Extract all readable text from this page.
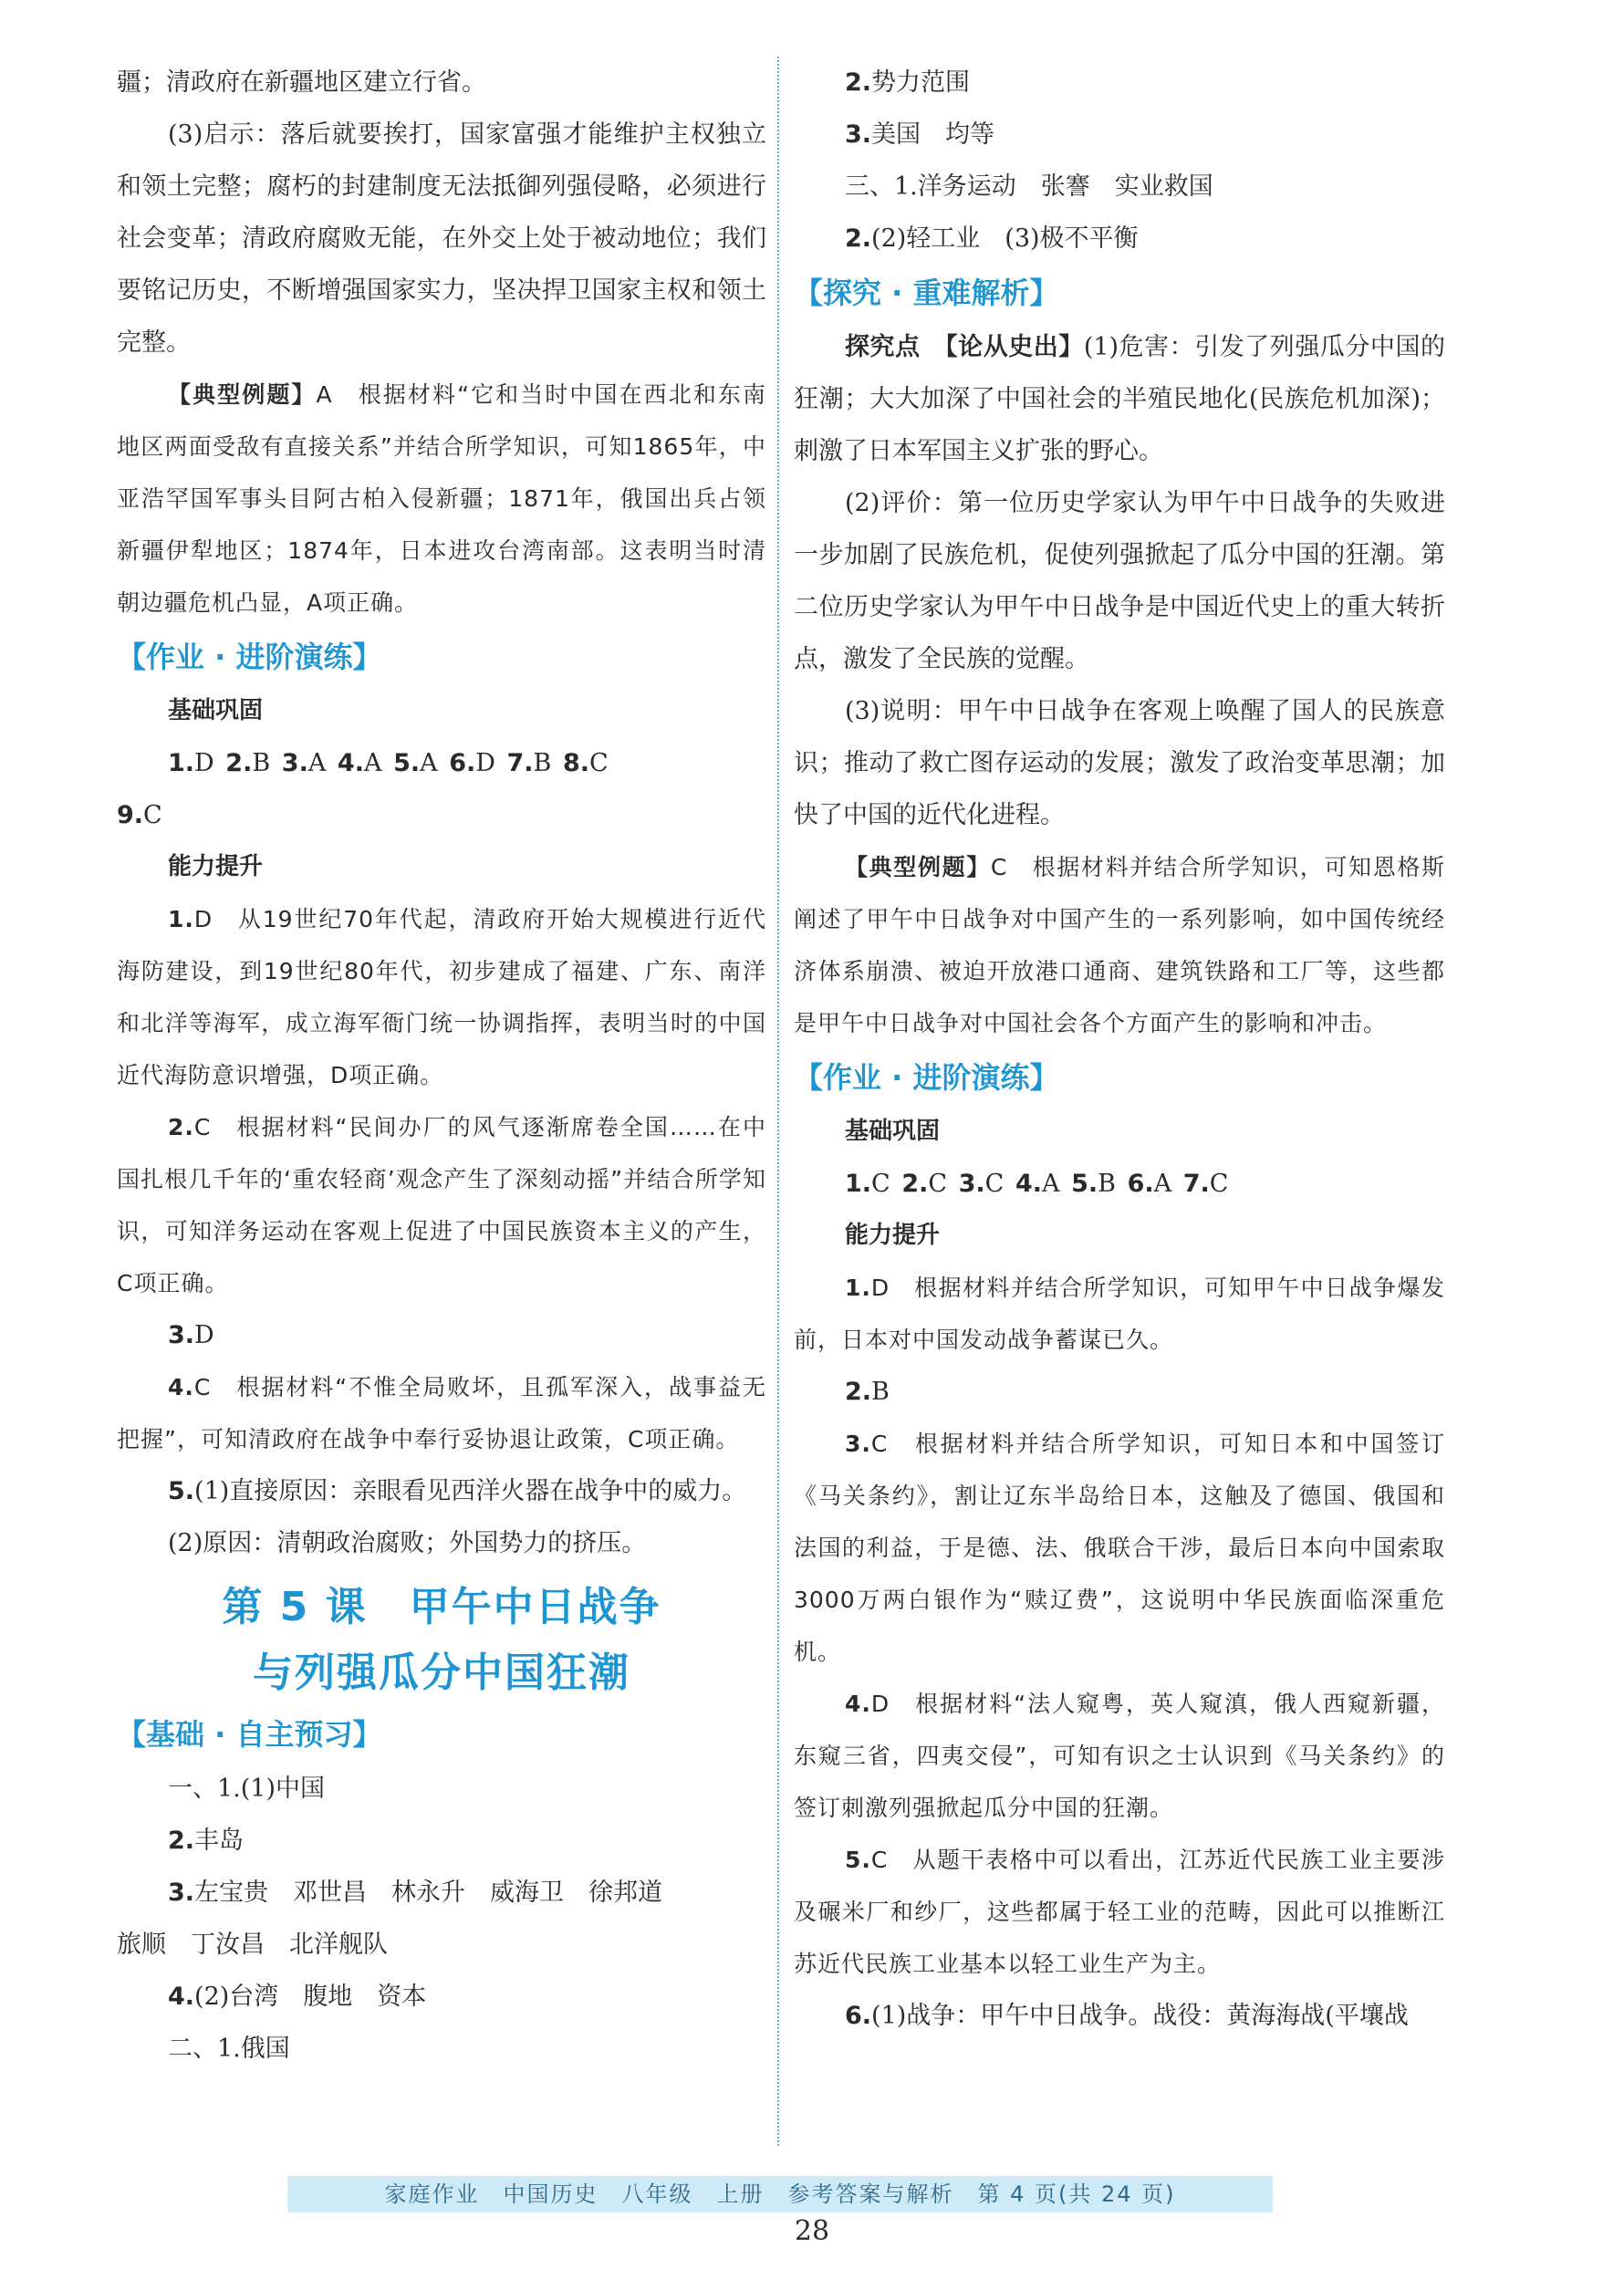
疆；清政府在新疆地区建立行省。

(3)启示：落后就要挨打，国家富强才能维护主权独立和领土完整；腐朽的封建制度无法抵御列强侵略，必须进行社会变革；清政府腐败无能，在外交上处于被动地位；我们要铭记历史，不断增强国家实力，坚决捍卫国家主权和领土完整。

【典型例题】A　根据材料“它和当时中国在西北和东南地区两面受敌有直接关系”并结合所学知识，可知1865年，中亚浩罕国军事头目阿古柏入侵新疆；1871年，俄国出兵占领新疆伊犁地区；1874年，日本进攻台湾南部。这表明当时清朝边疆危机凸显，A项正确。

【作业 · 进阶演练】
基础巩固
1.D 2.B 3.A 4.A 5.A 6.D 7.B 8.C
9.C
能力提升

1.D　从19世纪70年代起，清政府开始大规模进行近代海防建设，到19世纪80年代，初步建成了福建、广东、南洋和北洋等海军，成立海军衙门统一协调指挥，表明当时的中国近代海防意识增强，D项正确。

2.C　根据材料“民间办厂的风气逐渐席卷全国……在中国扎根几千年的‘重农轻商’观念产生了深刻动摇”并结合所学知识，可知洋务运动在客观上促进了中国民族资本主义的产生，C项正确。

3.D

4.C　根据材料“不惟全局败坏，且孤军深入，战事益无把握”，可知清政府在战争中奉行妥协退让政策，C项正确。

5.(1)直接原因：亲眼看见西洋火器在战争中的威力。

(2)原因：清朝政治腐败；外国势力的挤压。

第 5 课　甲午中日战争
与列强瓜分中国狂潮
【基础 · 自主预习】
一、1.(1)中国
2.丰岛
3.左宝贵　邓世昌　林永升　威海卫　徐邦道
旅顺　丁汝昌　北洋舰队
4.(2)台湾　腹地　资本
二、1.俄国
2.势力范围
3.美国　均等
三、1.洋务运动　张謇　实业救国
2.(2)轻工业　(3)极不平衡
【探究 · 重难解析】

探究点　【论从史出】(1)危害：引发了列强瓜分中国的狂潮；大大加深了中国社会的半殖民地化(民族危机加深)；刺激了日本军国主义扩张的野心。

(2)评价：第一位历史学家认为甲午中日战争的失败进一步加剧了民族危机，促使列强掀起了瓜分中国的狂潮。第二位历史学家认为甲午中日战争是中国近代史上的重大转折点，激发了全民族的觉醒。

(3)说明：甲午中日战争在客观上唤醒了国人的民族意识；推动了救亡图存运动的发展；激发了政治变革思潮；加快了中国的近代化进程。

【典型例题】C　根据材料并结合所学知识，可知恩格斯阐述了甲午中日战争对中国产生的一系列影响，如中国传统经济体系崩溃、被迫开放港口通商、建筑铁路和工厂等，这些都是甲午中日战争对中国社会各个方面产生的影响和冲击。

【作业 · 进阶演练】
基础巩固
1.C 2.C 3.C 4.A 5.B 6.A 7.C
能力提升

1.D　根据材料并结合所学知识，可知甲午中日战争爆发前，日本对中国发动战争蓄谋已久。

2.B

3.C　根据材料并结合所学知识，可知日本和中国签订《马关条约》，割让辽东半岛给日本，这触及了德国、俄国和法国的利益，于是德、法、俄联合干涉，最后日本向中国索取3000万两白银作为“赎辽费”，这说明中华民族面临深重危机。

4.D　根据材料“法人窥粤，英人窥滇，俄人西窥新疆，东窥三省，四夷交侵”，可知有识之士认识到《马关条约》的签订刺激列强掀起瓜分中国的狂潮。

5.C　从题干表格中可以看出，江苏近代民族工业主要涉及碾米厂和纱厂，这些都属于轻工业的范畴，因此可以推断江苏近代民族工业基本以轻工业生产为主。

6.(1)战争：甲午中日战争。战役：黄海海战(平壤战

家庭作业　中国历史　八年级　上册　参考答案与解析　第 4 页(共 24 页)
28
